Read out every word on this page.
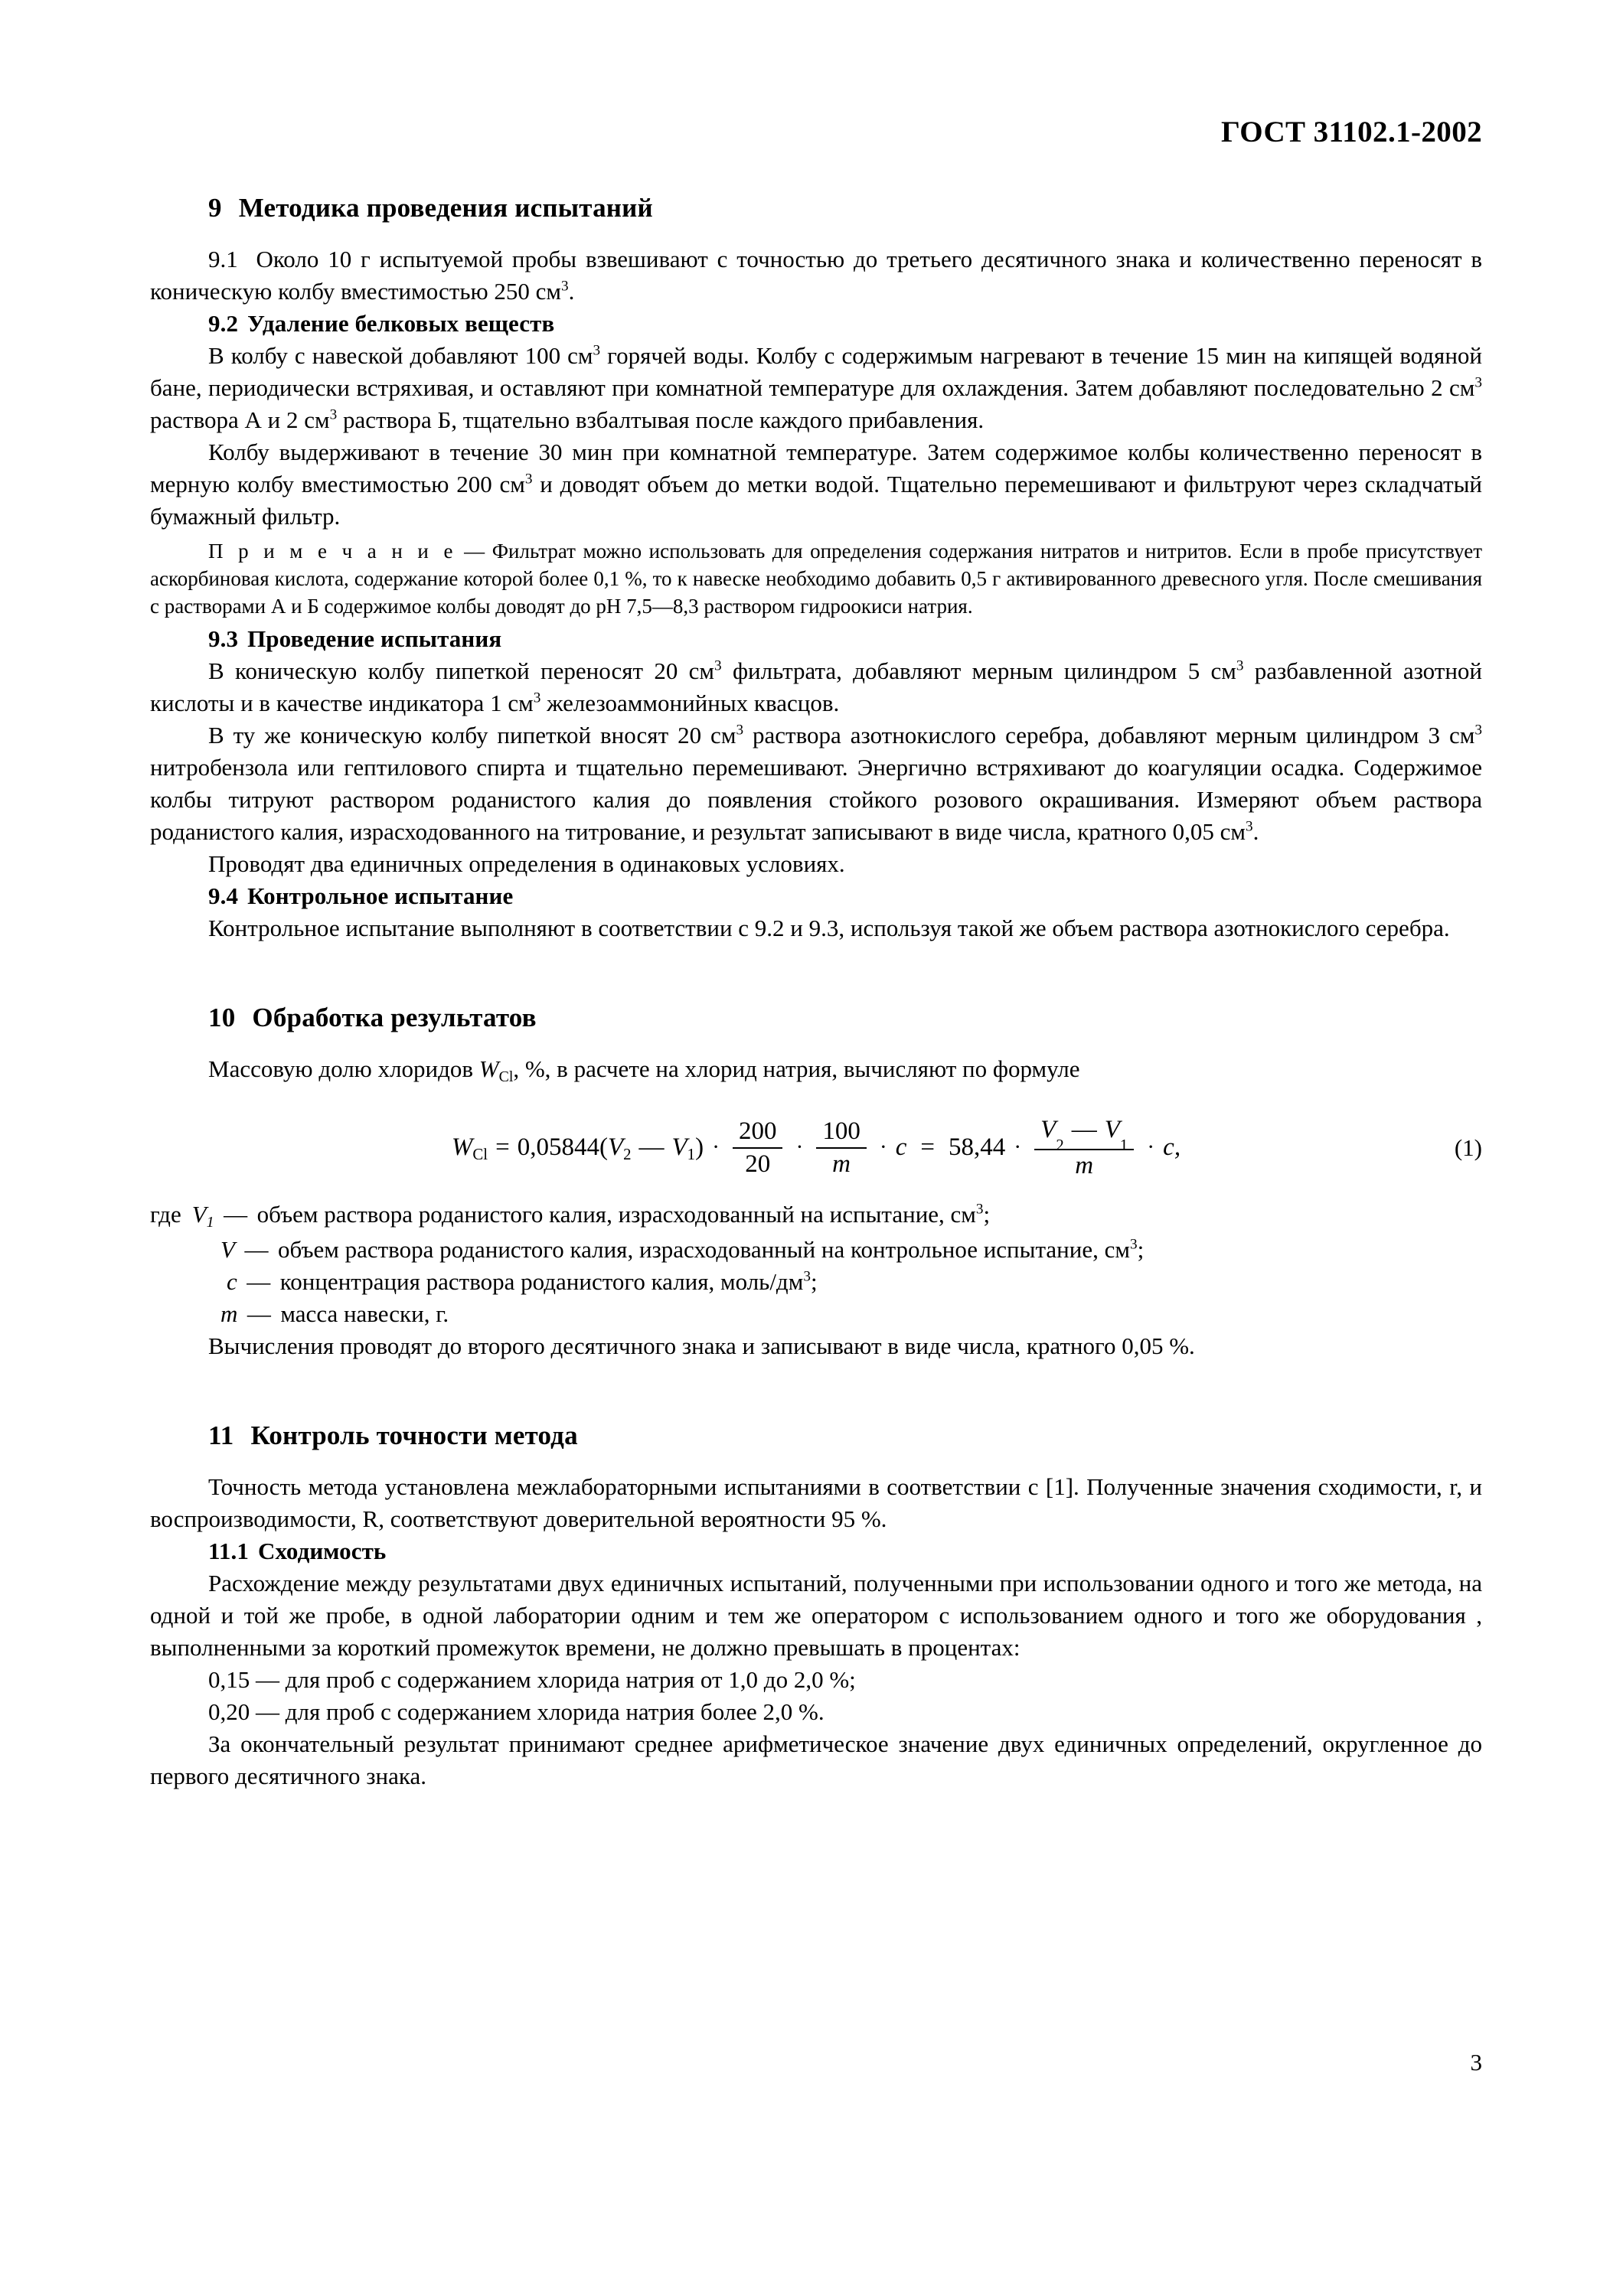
ГОСТ 31102.1-2002
9 Методика проведения испытаний

9.1 Около 10 г испытуемой пробы взвешивают с точностью до третьего десятичного знака и количественно переносят в коническую колбу вместимостью 250 $см^3$.

9.2 Удаление белковых веществ

В колбу с навеской добавляют 100 $см^3$ горячей воды. Колбу с содержимым нагревают в течение 15 мин на кипящей водяной бане, периодически встряхивая, и оставляют при комнатной температуре для охлаждения. Затем добавляют последовательно 2 $см^3$ раствора А и 2 $см^3$ раствора Б, тщательно взбалтывая после каждого прибавления.

Колбу выдерживают в течение 30 мин при комнатной температуре. Затем содержимое колбы количественно переносят в мерную колбу вместимостью 200 $см^3$ и доводят объем до метки водой. Тщательно перемешивают и фильтруют через складчатый бумажный фильтр.

П р и м е ч а н и е — Фильтрат можно использовать для определения содержания нитратов и нитритов. Если в пробе присутствует аскорбиновая кислота, содержание которой более 0,1 %, то к навеске необходимо добавить 0,5 г активированного древесного угля. После смешивания с растворами А и Б содержимое колбы доводят до рН 7,5—8,3 раствором гидроокиси натрия.

9.3 Проведение испытания

В коническую колбу пипеткой переносят 20 $см^3$ фильтрата, добавляют мерным цилиндром 5 $см^3$ разбавленной азотной кислоты и в качестве индикатора 1 $см^3$ железоаммонийных квасцов.

В ту же коническую колбу пипеткой вносят 20 $см^3$ раствора азотнокислого серебра, добавляют мерным цилиндром 3 $см^3$ нитробензола или гептилового спирта и тщательно перемешивают. Энергично встряхивают до коагуляции осадка. Содержимое колбы титруют раствором роданистого калия до появления стойкого розового окрашивания. Измеряют объем раствора роданистого калия, израсходованного на титрование, и результат записывают в виде числа, кратного 0,05 $см^3$.

Проводят два единичных определения в одинаковых условиях.

9.4 Контрольное испытание

Контрольное испытание выполняют в соответствии с 9.2 и 9.3, используя такой же объем раствора азотнокислого серебра.

10 Обработка результатов

Массовую долю хлоридов WCl, %, в расчете на хлорид натрия, вычисляют по формуле

W Cl = 0,05844 ( V 2 — V 1 ) · $\frac{200}{20} \cdot \frac{100}{m} \cdot c = 58,44 \cdot \frac{V_2— V_1}{m} \cdot c$,	(1)
где V 1 — объем раствора роданистого калия, израсходованный на испытание, $см^3$;
V — объем раствора роданистого калия, израсходованный на контрольное испытание, $см^3$;
c — концентрация раствора роданистого калия, моль/$дм^3$;
m — масса навески, г.

Вычисления проводят до второго десятичного знака и записывают в виде числа, кратного 0,05 %.

11 Контроль точности метода

Точность метода установлена межлабораторными испытаниями в соответствии с [1]. Полученные значения сходимости, r, и воспроизводимости, R, соответствуют доверительной вероятности 95 %.

11.1 Сходимость

Расхождение между результатами двух единичных испытаний, полученными при использовании одного и того же метода, на одной и той же пробе, в одной лаборатории одним и тем же оператором с использованием одного и того же оборудования , выполненными за короткий промежуток времени, не должно превышать в процентах:

0,15 — для проб с содержанием хлорида натрия от 1,0 до 2,0 %;

0,20 — для проб с содержанием хлорида натрия более 2,0 %.

За окончательный результат принимают среднее арифметическое значение двух единичных определений, округленное до первого десятичного знака.

3
